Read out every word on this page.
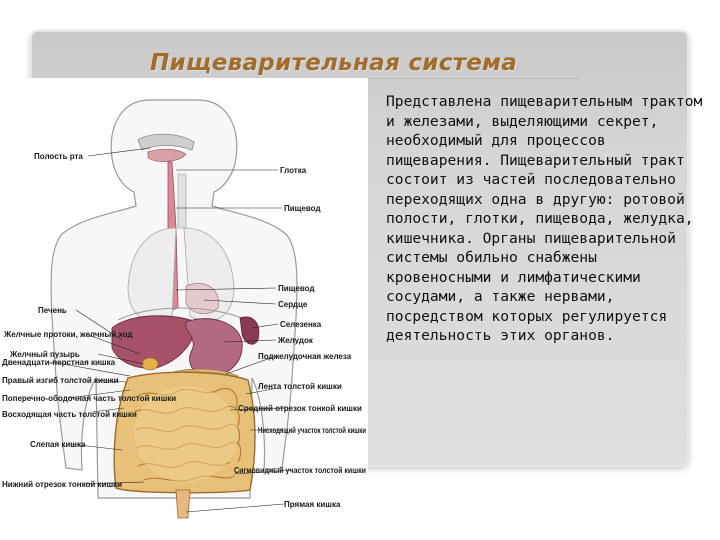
Пищеварительная система
Глотка
Пищевод
Пищевод
Сердце
Селезенка
Желудок
Поджелудочная железа
Лента толстой кишки
Средний отрезок тонкой кишки
Нисходящий участок толстой кишки
Сигмовидный участок толстой кишки
Прямая кишка
Полость рта
Печень
Желчные протоки, желчный ход
Желчный пузырь
Двенадцати-перстная кишка
Правый изгиб толстой кишки
Поперечно-ободочная часть толстой кишки
Восходящая часть толстой кишки
Слепая кишка
Нижний отрезок тонкой кишки

Представлена пищеварительным трактом и железами, выделяющими секрет, необходимый для процессов пищеварения. Пищеварительный тракт состоит из частей последовательно переходящих одна в другую: ротовой полости, глотки, пищевода, желудка, кишечника. Органы пищеварительной системы обильно снабжены кровеносными и лимфатическими сосудами, а также нервами, посредством которых регулируется деятельность этих органов.
